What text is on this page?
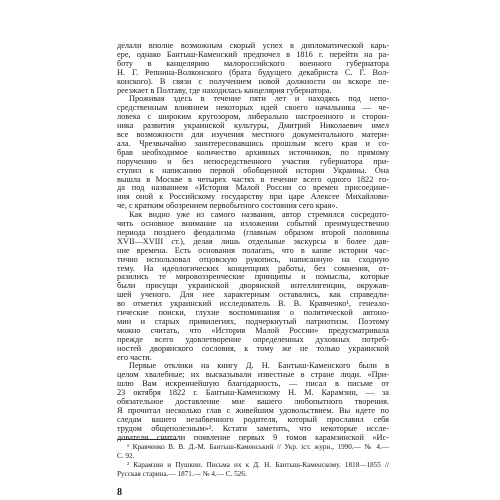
делали вполне возможным скорый успех в дипломатической карь-
ере, однако Бантыш-Каменский предпочел в 1816 г. перейти на ра-
боту в канцелярию малороссийского военного губернатора
Н. Г. Репнина-Волконского (брата будущего декабриста С. Г. Вол-
конского). В связи с получением новой должности он вскоре пе-
реезжает в Полтаву, где находилась канцелярия губернатора.
Проживая здесь в течение пяти лет и находясь под непо-
средственным влиянием некоторых идей своего начальника — че-
ловека с широким кругозором, либерально настроенного и сторон-
ника развития украинской культуры, Дмитрий Николаевич имел
все возможности для изучения местного документального матери-
ала. Чрезвычайно заинтересовавшись прошлым всего края и со-
брав необходимое количество архивных источников, по прямому
поручению и без непосредственного участия губернатора при-
ступил к написанию первой обобщенной истории Украины. Она
вышла в Москве в четырех частях в течение всего одного 1822 го-
да под названием «История Малой России со времен присоедине-
ния оной к Российскому государству при царе Алексее Михайлови-
че, с кратким обозрением первобытного состояния сего края».
Как видно уже из самого названия, автор стремился сосредото-
чить основное внимание на изложении событий преимущественно
периода позднего феодализма (главным образом второй половины
XVII—XVIII ст.), делая лишь отдельные экскурсы в более дав-
ние времена. Есть основания полагать, что в канве истории час-
тично использовал отцовскую рукопись, написанную на сходную
тему. На идеологических концепциях работы, без сомнения, от-
разились те мировоззренческие принципы и помыслы, которые
были присущи украинской дворянской интеллигенции, окружав-
шей ученого. Для нее характерным оставались, как справедли-
во отметил украинский исследователь В. В. Кравченко¹, генеало-
гические поиски, глухие воспоминания о политической автоно-
мии и старых привилегиях, подчеркнутый патриотизм. Поэтому
можно считать, что «История Малой России» предусматривала
прежде всего удовлетворение определенных духовных потреб-
ностей дворянского сословия, к тому же не только украинской
его части.
Первые отклики на книгу Д. Н. Бантыш-Каменского были в
целом хвалебные; их высказывали известные в стране люди. «При-
шлю Вам искреннейшую благодарность, — писал в письме от
23 октября 1822 г. Бантыш-Каменскому Н. М. Карамзин, — за
обязательное доставление мне вашего любопытного творения.
Я прочитал несколько глав с живейшим удовольствием. Вы идете по
следам вашего незабвенного родителя, который прославил себя
трудом общеполезным»². Кстати заметить, что некоторые иссле-
дователи считали появление первых 9 томов карамзинской «Ис-
¹ Кравченко В. В. Д.-М. Бантыш-Каменський // Укр. іст. журн., 1990.— № 4.—
С. 92.
² Карамзин и Пушкин. Письма их к Д. Н. Бантыш-Каменскому. 1818—1855 //
Русская старина.— 1871.— № 4.— С. 526.
8
